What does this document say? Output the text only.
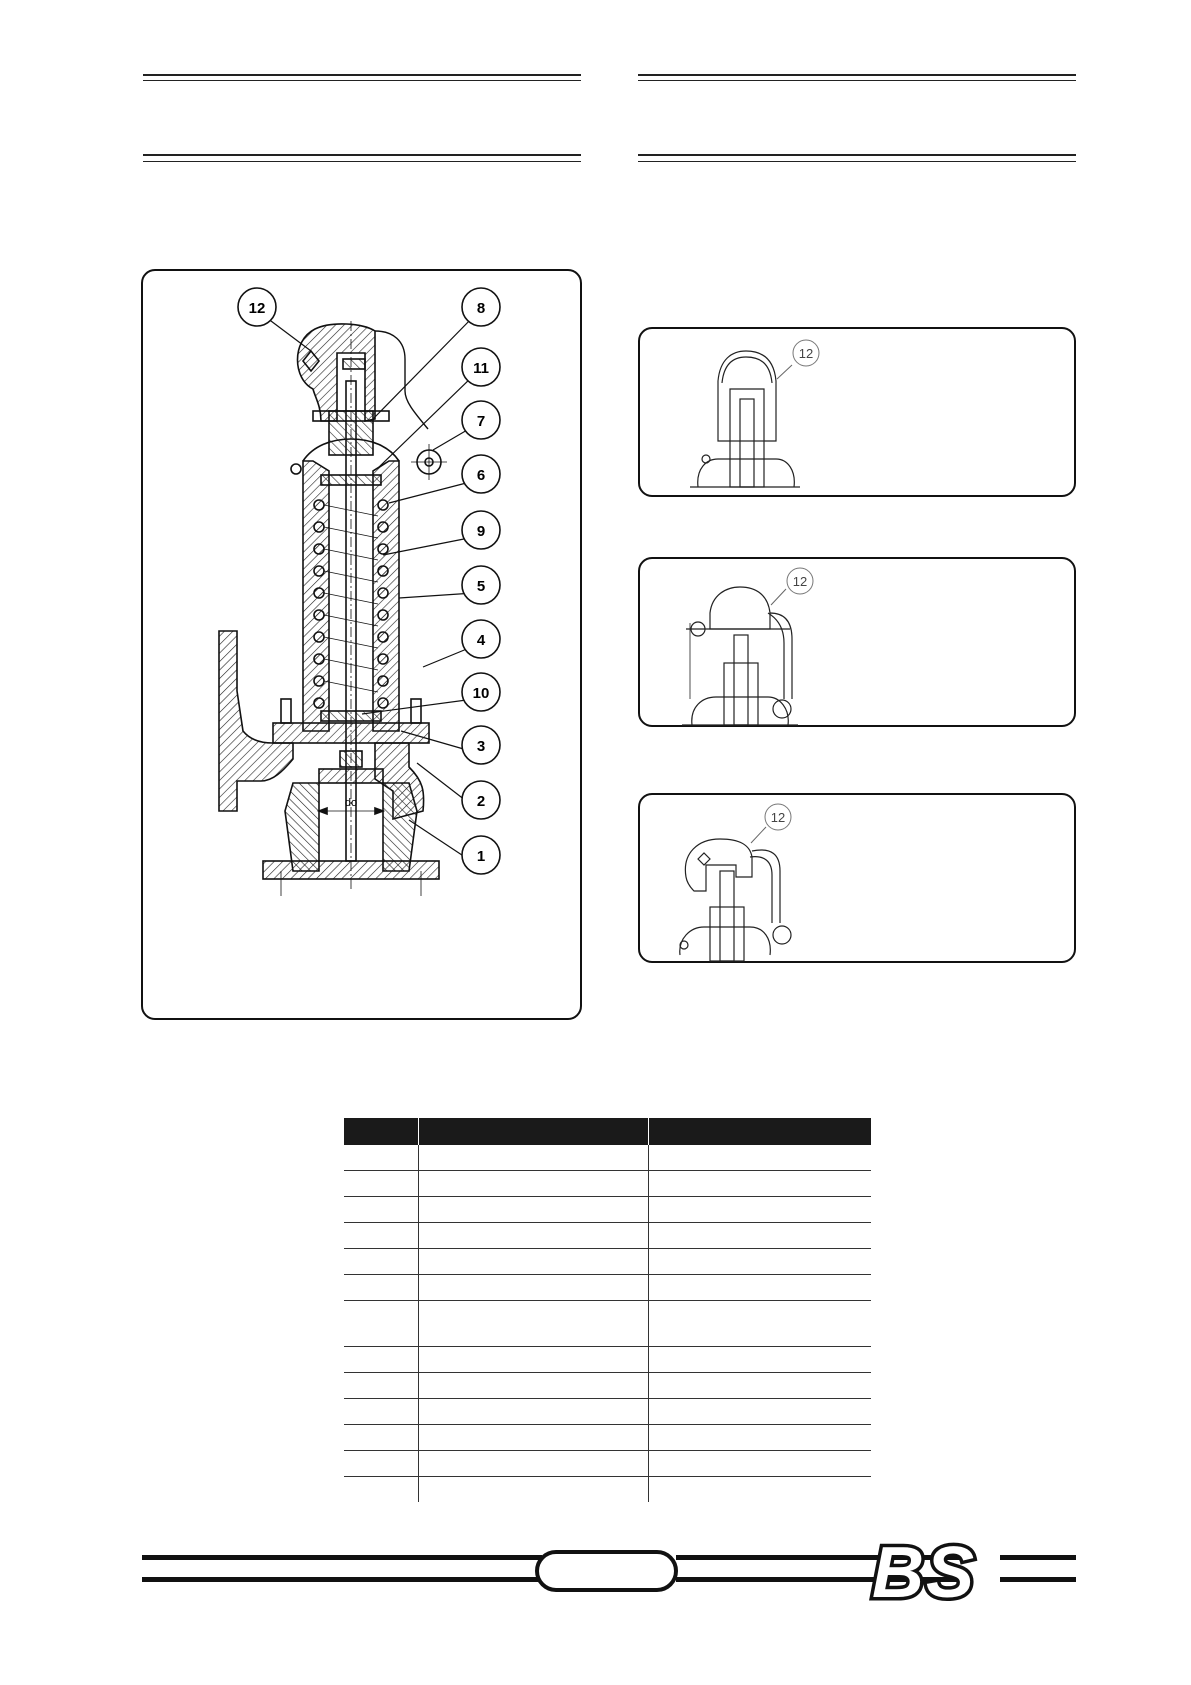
do
12	8
11
7
6
9
5
4
10
3
2
1
12
12
12

BS
